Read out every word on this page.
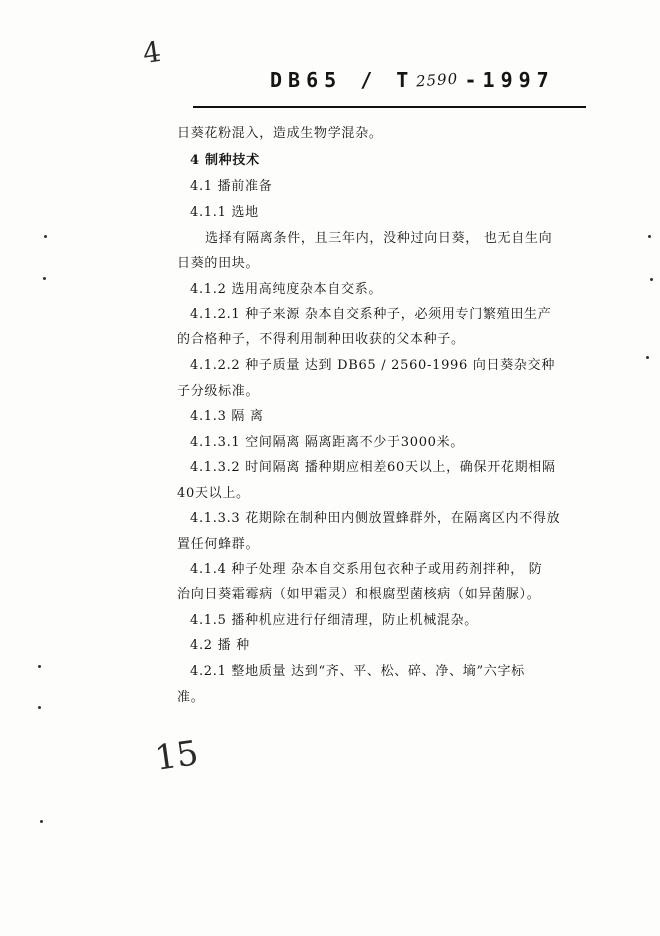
4
DB65 / T 2590 -1997
日葵花粉混入，造成生物学混杂。
4 制种技术
4.1 播前准备
4.1.1 选地
选择有隔离条件，且三年内，没种过向日葵， 也无自生向
日葵的田块。
4.1.2 选用高纯度杂本自交系。
4.1.2.1 种子来源 杂本自交系种子，必须用专门繁殖田生产
的合格种子，不得利用制种田收获的父本种子。
4.1.2.2 种子质量 达到 DB65 / 2560-1996 向日葵杂交种
子分级标准。
4.1.3 隔 离
4.1.3.1 空间隔离 隔离距离不少于3000米。
4.1.3.2 时间隔离 播种期应相差60天以上，确保开花期相隔
40天以上。
4.1.3.3 花期除在制种田内侧放置蜂群外，在隔离区内不得放
置任何蜂群。
4.1.4 种子处理 杂本自交系用包衣种子或用药剂拌种， 防
治向日葵霜霉病（如甲霜灵）和根腐型菌核病（如异菌脲）。
4.1.5 播种机应进行仔细清理，防止机械混杂。
4.2 播 种
4.2.1 整地质量 达到“齐、平、松、碎、净、墒”六字标
准。
15
